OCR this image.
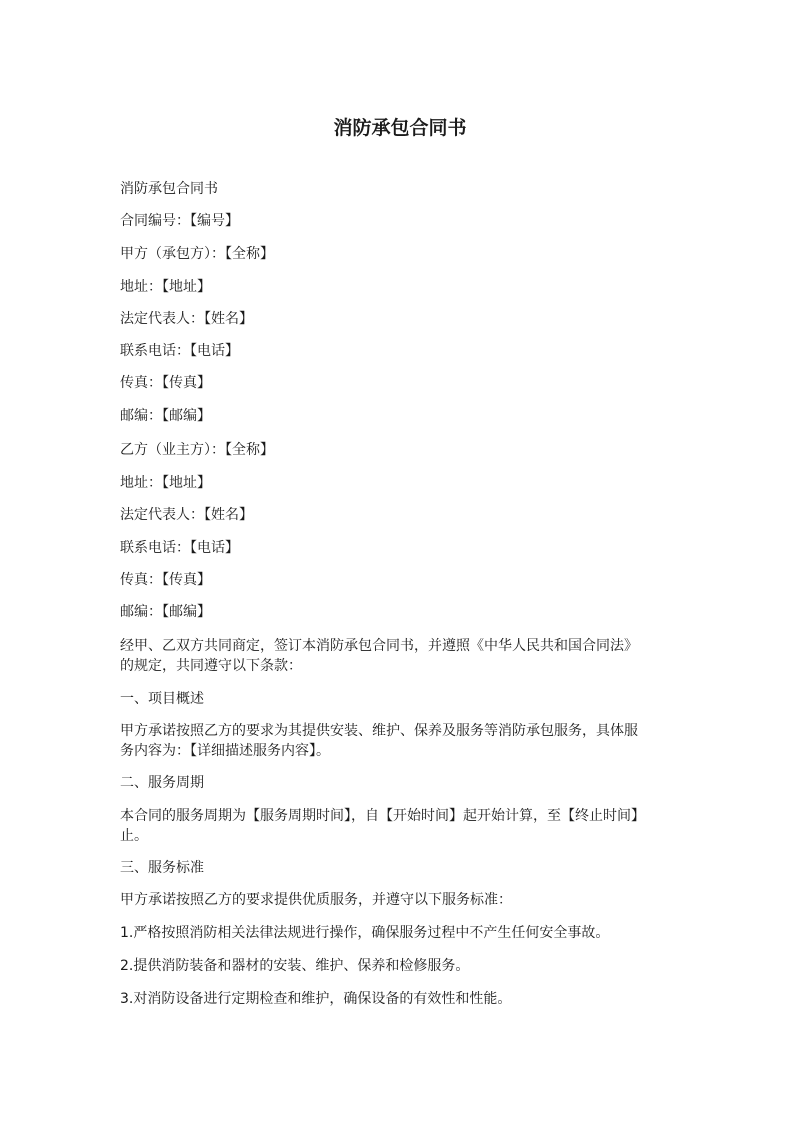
消防承包合同书

消防承包合同书

合同编号：【编号】

甲方（承包方）：【全称】

地址：【地址】

法定代表人：【姓名】

联系电话：【电话】

传真：【传真】

邮编：【邮编】

乙方（业主方）：【全称】

地址：【地址】

法定代表人：【姓名】

联系电话：【电话】

传真：【传真】

邮编：【邮编】

经甲、乙双方共同商定，签订本消防承包合同书，并遵照《中华人民共和国合同法》

的规定，共同遵守以下条款：

一、项目概述

甲方承诺按照乙方的要求为其提供安装、维护、保养及服务等消防承包服务，具体服

务内容为：【详细描述服务内容】。

二、服务周期

本合同的服务周期为【服务周期时间】，自【开始时间】起开始计算，至【终止时间】

止。

三、服务标准

甲方承诺按照乙方的要求提供优质服务，并遵守以下服务标准：

1.严格按照消防相关法律法规进行操作，确保服务过程中不产生任何安全事故。

2.提供消防装备和器材的安装、维护、保养和检修服务。

3.对消防设备进行定期检查和维护，确保设备的有效性和性能。
